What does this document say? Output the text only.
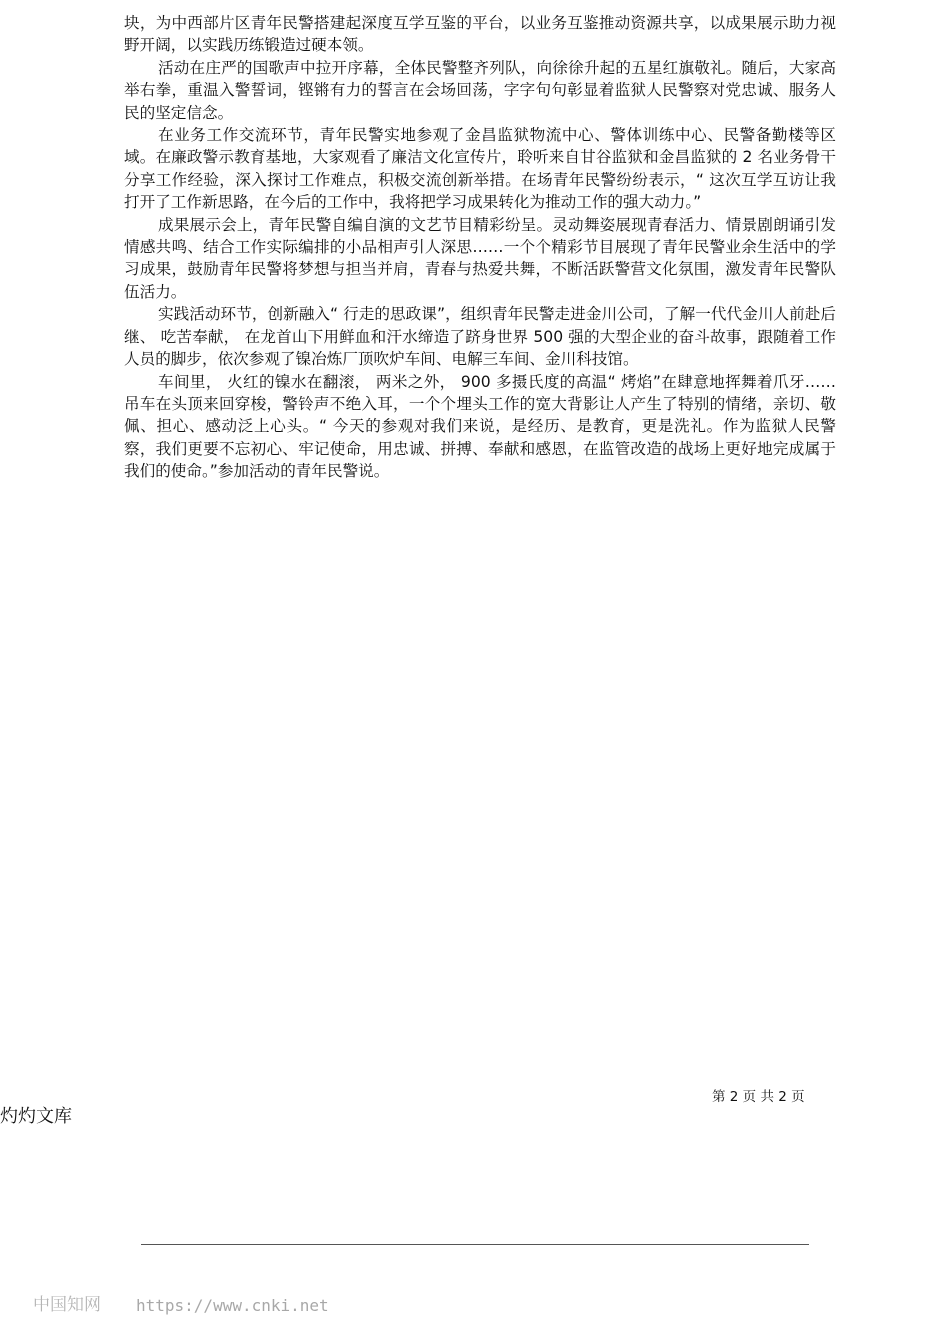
块，为中西部片区青年民警搭建起深度互学互鉴的平台，以业务互鉴推动资源共享，以成果展示助力视野开阔，以实践历练锻造过硬本领。

活动在庄严的国歌声中拉开序幕，全体民警整齐列队，向徐徐升起的五星红旗敬礼。随后，大家高举右拳，重温入警誓词，铿锵有力的誓言在会场回荡，字字句句彰显着监狱人民警察对党忠诚、服务人民的坚定信念。

在业务工作交流环节，青年民警实地参观了金昌监狱物流中心、警体训练中心、民警备勤楼等区域。在廉政警示教育基地，大家观看了廉洁文化宣传片，聆听来自甘谷监狱和金昌监狱的 2 名业务骨干分享工作经验，深入探讨工作难点，积极交流创新举措。在场青年民警纷纷表示，“ 这次互学互访让我打开了工作新思路，在今后的工作中，我将把学习成果转化为推动工作的强大动力。”

成果展示会上，青年民警自编自演的文艺节目精彩纷呈。灵动舞姿展现青春活力、情景剧朗诵引发情感共鸣、结合工作实际编排的小品相声引人深思……一个个精彩节目展现了青年民警业余生活中的学习成果，鼓励青年民警将梦想与担当并肩，青春与热爱共舞，不断活跃警营文化氛围，激发青年民警队伍活力。

实践活动环节，创新融入“ 行走的思政课”，组织青年民警走进金川公司，了解一代代金川人前赴后继、 吃苦奉献， 在龙首山下用鲜血和汗水缔造了跻身世界 500 强的大型企业的奋斗故事，跟随着工作人员的脚步，依次参观了镍冶炼厂顶吹炉车间、电解三车间、金川科技馆。

车间里， 火红的镍水在翻滚， 两米之外， 900 多摄氏度的高温“ 烤焰”在肆意地挥舞着爪牙……吊车在头顶来回穿梭，警铃声不绝入耳，一个个埋头工作的宽大背影让人产生了特别的情绪，亲切、敬佩、担心、感动泛上心头。“ 今天的参观对我们来说，是经历、是教育，更是洗礼。作为监狱人民警察，我们更要不忘初心、牢记使命，用忠诚、拼搏、奉献和感恩，在监管改造的战场上更好地完成属于我们的使命。”参加活动的青年民警说。

第 2 页 共 2 页
灼灼文库
中国知网 https://www.cnki.net
